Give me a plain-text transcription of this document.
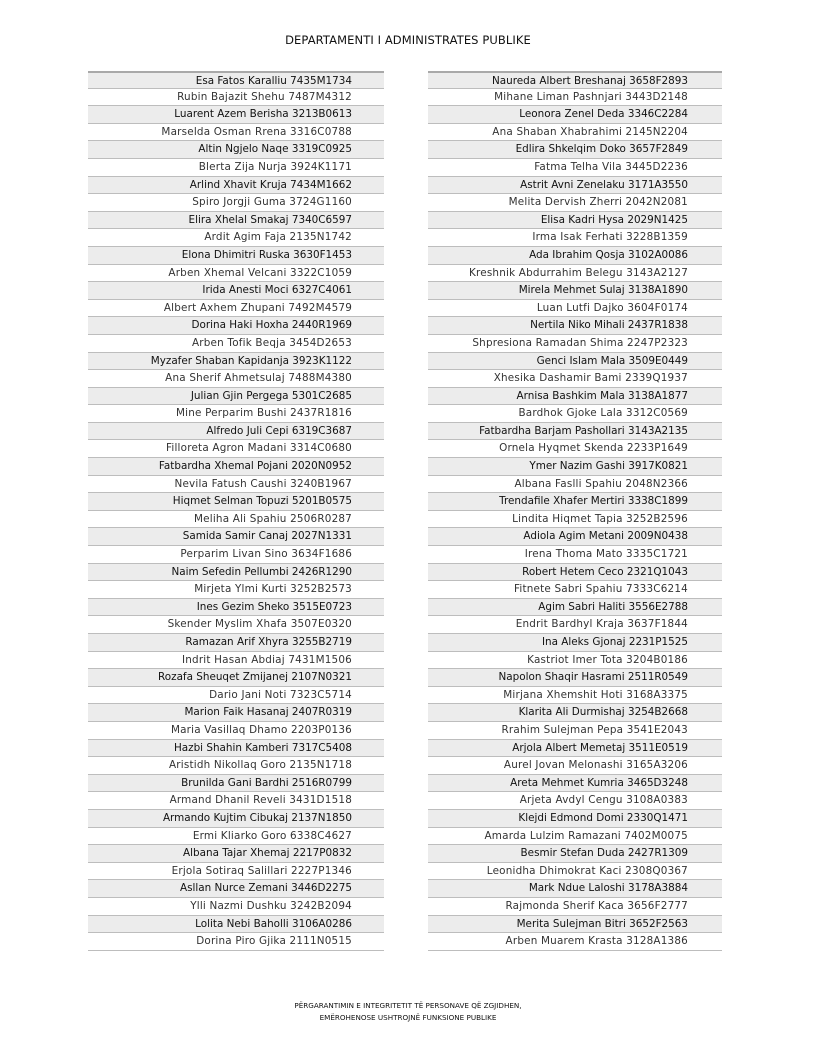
DEPARTAMENTI I ADMINISTRATES PUBLIKE
Esa Fatos Karalliu 7435M1734
Rubin Bajazit Shehu 7487M4312
Luarent Azem Berisha 3213B0613
Marselda Osman Rrena 3316C0788
Altin Ngjelo Naqe 3319C0925
Blerta Zija Nurja 3924K1171
Arlind Xhavit Kruja 7434M1662
Spiro Jorgji Guma 3724G1160
Elira Xhelal Smakaj 7340C6597
Ardit Agim Faja 2135N1742
Elona Dhimitri Ruska 3630F1453
Arben Xhemal Velcani 3322C1059
Irida Anesti Moci 6327C4061
Albert Axhem Zhupani 7492M4579
Dorina Haki Hoxha 2440R1969
Arben Tofik Beqja 3454D2653
Myzafer Shaban Kapidanja 3923K1122
Ana Sherif Ahmetsulaj 7488M4380
Julian Gjin Pergega 5301C2685
Mine Perparim Bushi 2437R1816
Alfredo Juli Cepi 6319C3687
Filloreta Agron Madani 3314C0680
Fatbardha Xhemal Pojani 2020N0952
Nevila Fatush Caushi 3240B1967
Hiqmet Selman Topuzi 5201B0575
Meliha Ali Spahiu 2506R0287
Samida Samir Canaj 2027N1331
Perparim Livan Sino 3634F1686
Naim Sefedin Pellumbi 2426R1290
Mirjeta Ylmi Kurti 3252B2573
Ines Gezim Sheko 3515E0723
Skender Myslim Xhafa 3507E0320
Ramazan Arif Xhyra 3255B2719
Indrit Hasan Abdiaj 7431M1506
Rozafa Sheuqet Zmijanej 2107N0321
Dario Jani Noti 7323C5714
Marion Faik Hasanaj 2407R0319
Maria Vasillaq Dhamo 2203P0136
Hazbi Shahin Kamberi 7317C5408
Aristidh Nikollaq Goro 2135N1718
Brunilda Gani Bardhi 2516R0799
Armand Dhanil Reveli 3431D1518
Armando Kujtim Cibukaj 2137N1850
Ermi Kliarko Goro 6338C4627
Albana Tajar Xhemaj 2217P0832
Erjola Sotiraq Salillari 2227P1346
Asllan Nurce Zemani 3446D2275
Ylli Nazmi Dushku 3242B2094
Lolita Nebi Baholli 3106A0286
Dorina Piro Gjika 2111N0515
Naureda Albert Breshanaj 3658F2893
Mihane Liman Pashnjari 3443D2148
Leonora Zenel Deda 3346C2284
Ana Shaban Xhabrahimi 2145N2204
Edlira Shkelqim Doko 3657F2849
Fatma Telha Vila 3445D2236
Astrit Avni Zenelaku 3171A3550
Melita Dervish Zherri 2042N2081
Elisa Kadri Hysa 2029N1425
Irma Isak Ferhati 3228B1359
Ada Ibrahim Qosja 3102A0086
Kreshnik Abdurrahim Belegu 3143A2127
Mirela Mehmet Sulaj 3138A1890
Luan Lutfi Dajko 3604F0174
Nertila Niko Mihali 2437R1838
Shpresiona Ramadan Shima 2247P2323
Genci Islam Mala 3509E0449
Xhesika Dashamir Bami 2339Q1937
Arnisa Bashkim Mala 3138A1877
Bardhok Gjoke Lala 3312C0569
Fatbardha Barjam Pashollari 3143A2135
Ornela Hyqmet Skenda 2233P1649
Ymer Nazim Gashi 3917K0821
Albana Faslli Spahiu 2048N2366
Trendafile Xhafer Mertiri 3338C1899
Lindita Hiqmet Tapia 3252B2596
Adiola Agim Metani 2009N0438
Irena Thoma Mato 3335C1721
Robert Hetem Ceco 2321Q1043
Fitnete Sabri Spahiu 7333C6214
Agim Sabri Haliti 3556E2788
Endrit Bardhyl Kraja 3637F1844
Ina Aleks Gjonaj 2231P1525
Kastriot Imer Tota 3204B0186
Napolon Shaqir Hasrami 2511R0549
Mirjana Xhemshit Hoti 3168A3375
Klarita Ali Durmishaj 3254B2668
Rrahim Sulejman Pepa 3541E2043
Arjola Albert Memetaj 3511E0519
Aurel Jovan Melonashi 3165A3206
Areta Mehmet Kumria 3465D3248
Arjeta Avdyl Cengu 3108A0383
Klejdi Edmond Domi 2330Q1471
Amarda Lulzim Ramazani 7402M0075
Besmir Stefan Duda 2427R1309
Leonidha Dhimokrat Kaci 2308Q0367
Mark Ndue Laloshi 3178A3884
Rajmonda Sherif Kaca 3656F2777
Merita Sulejman Bitri 3652F2563
Arben Muarem Krasta 3128A1386
PËRGARANTIMIN E INTEGRITETIT TË PERSONAVE QË ZGJIDHEN,
EMËROHENOSE USHTROJNË FUNKSIONE PUBLIKE
